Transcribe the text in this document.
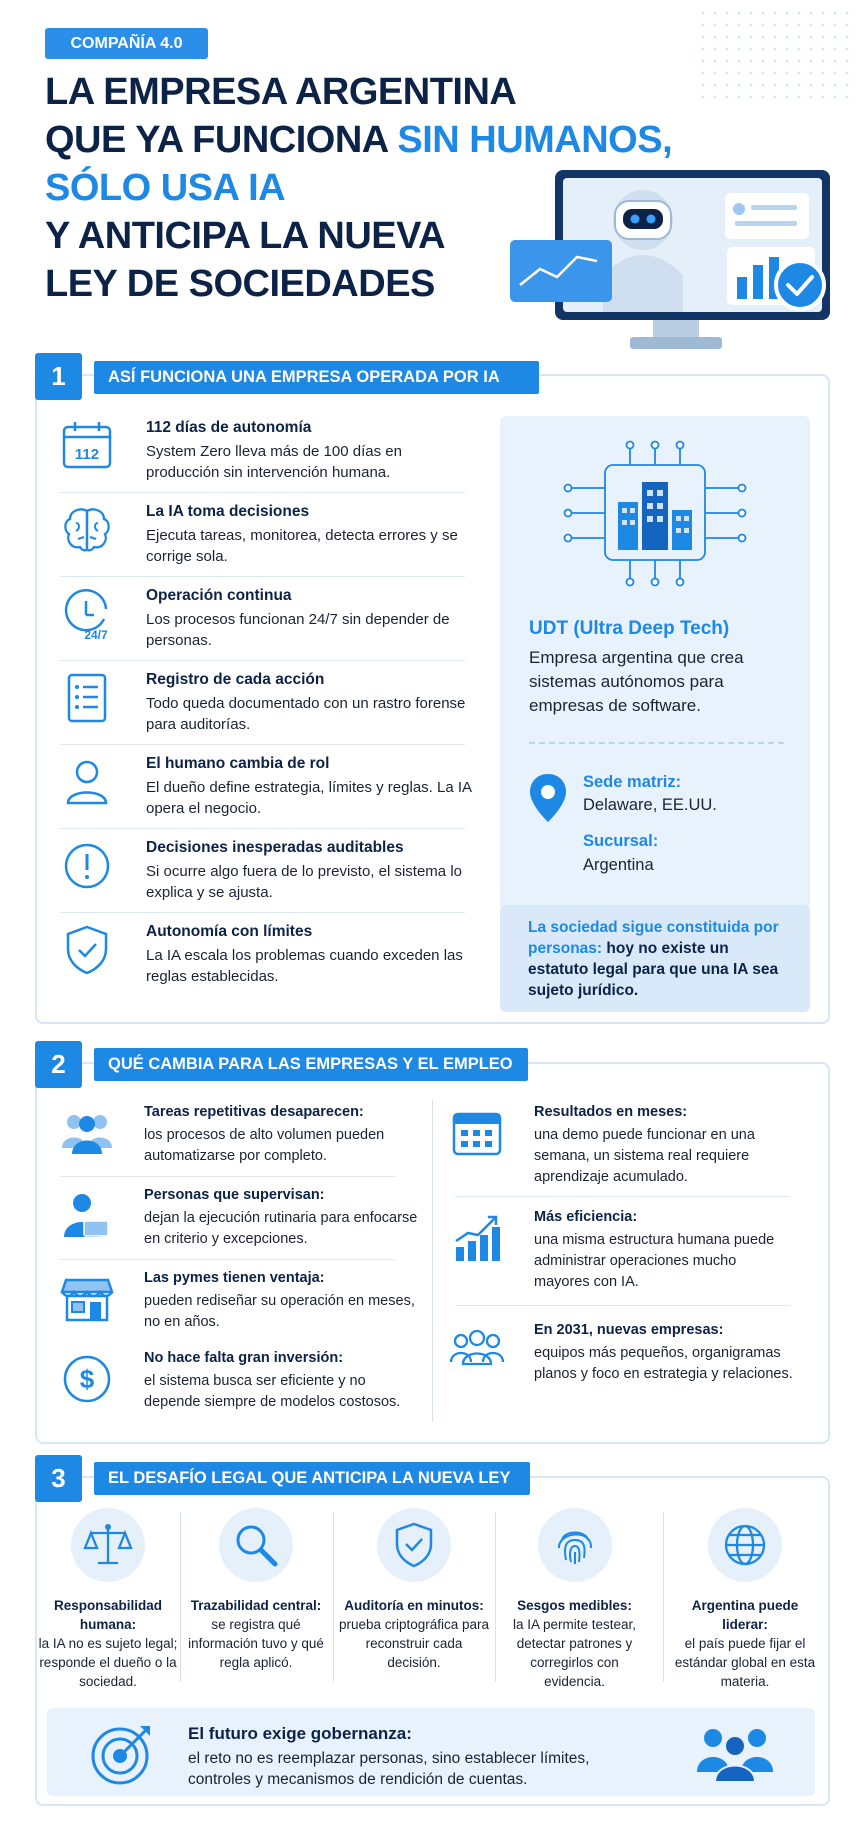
COMPAÑÍA 4.0
LA EMPRESA ARGENTINA
QUE YA FUNCIONA SIN HUMANOS,
SÓLO USA IA
Y ANTICIPA LA NUEVA
LEY DE SOCIEDADES
1	ASÍ FUNCIONA UNA EMPRESA OPERADA POR IA
112
112 días de autonomía
System Zero lleva más de 100 días en producción sin intervención humana.
La IA toma decisiones
Ejecuta tareas, monitorea, detecta errores y se corrige sola.
24/7
Operación continua
Los procesos funcionan 24/7 sin depender de personas.
Registro de cada acción
Todo queda documentado con un rastro forense para auditorías.
El humano cambia de rol
El dueño define estrategia, límites y reglas. La IA opera el negocio.
Decisiones inesperadas auditables
Si ocurre algo fuera de lo previsto, el sistema lo explica y se ajusta.
Autonomía con límites
La IA escala los problemas cuando exceden las reglas establecidas.
UDT (Ultra Deep Tech)
Empresa argentina que crea sistemas autónomos para empresas de software.
Sede matriz:
Delaware, EE.UU.
Sucursal:
Argentina
La sociedad sigue constituida por personas: hoy no existe un estatuto legal para que una IA sea sujeto jurídico.
2	QUÉ CAMBIA PARA LAS EMPRESAS Y EL EMPLEO
Tareas repetitivas desaparecen:
los procesos de alto volumen pueden automatizarse por completo.
Personas que supervisan:
dejan la ejecución rutinaria para enfocarse en criterio y excepciones.
Las pymes tienen ventaja:
pueden rediseñar su operación en meses, no en años.
$
No hace falta gran inversión:
el sistema busca ser eficiente y no depende siempre de modelos costosos.
Resultados en meses:
una demo puede funcionar en una semana, un sistema real requiere aprendizaje acumulado.
Más eficiencia:
una misma estructura humana puede administrar operaciones mucho mayores con IA.
En 2031, nuevas empresas:
equipos más pequeños, organigramas planos y foco en estrategia y relaciones.
3	EL DESAFÍO LEGAL QUE ANTICIPA LA NUEVA LEY
Responsabilidad humana:
la IA no es sujeto legal; responde el dueño o la sociedad.
Trazabilidad central:
se registra qué información tuvo y qué regla aplicó.
Auditoría en minutos:
prueba criptográfica para reconstruir cada decisión.
Sesgos medibles:
la IA permite testear, detectar patrones y corregirlos con evidencia.
Argentina puede liderar:
el país puede fijar el estándar global en esta materia.
El futuro exige gobernanza:
el reto no es reemplazar personas, sino establecer límites, controles y mecanismos de rendición de cuentas.
